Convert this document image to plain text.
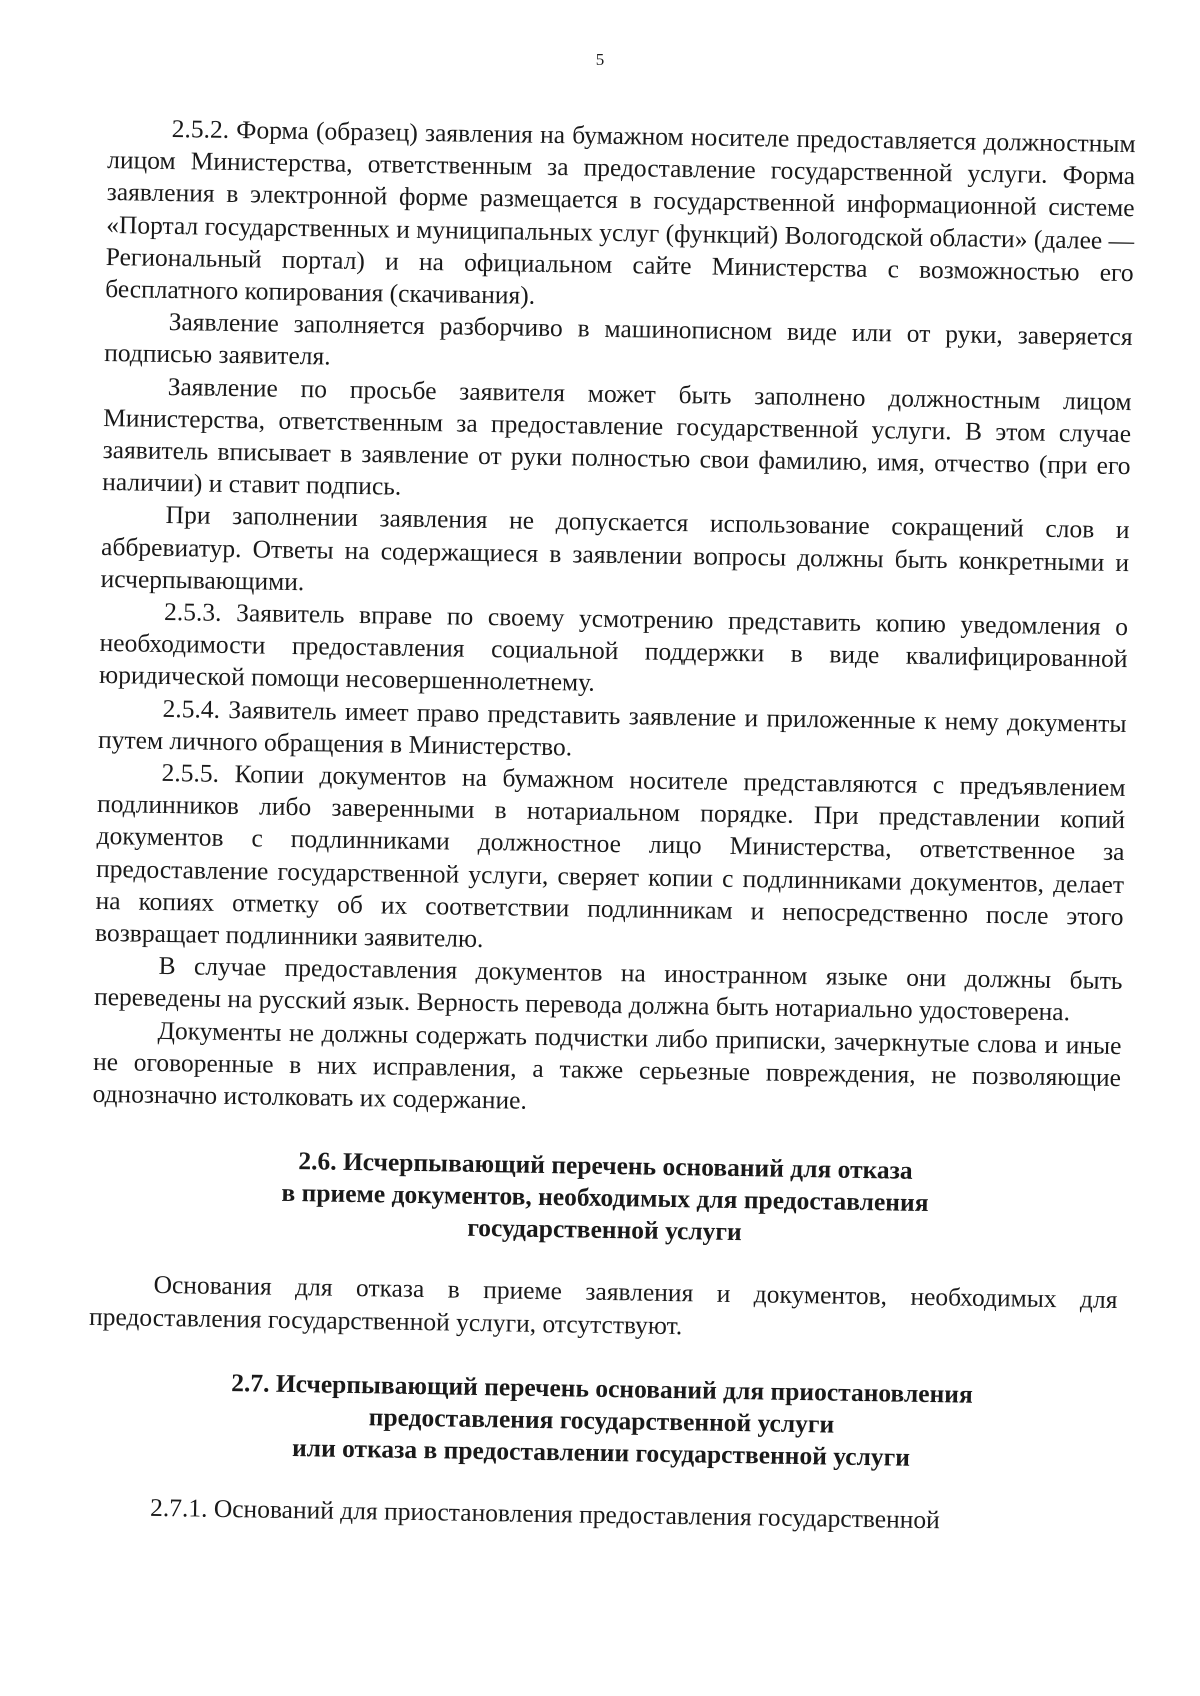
5

2.5.2. Форма (образец) заявления на бумажном носителе предоставляется должностным лицом Министерства, ответственным за предоставление государственной услуги. Форма заявления в электронной форме размещается в государственной информационной системе «Портал государственных и муниципальных услуг (функций) Вологодской области» (далее — Региональный портал) и на официальном сайте Министерства с возможностью его бесплатного копирования (скачивания).

Заявление заполняется разборчиво в машинописном виде или от руки, заверяется подписью заявителя.

Заявление по просьбе заявителя может быть заполнено должностным лицом Министерства, ответственным за предоставление государственной услуги. В этом случае заявитель вписывает в заявление от руки полностью свои фамилию, имя, отчество (при его наличии) и ставит подпись.

При заполнении заявления не допускается использование сокращений слов и аббревиатур. Ответы на содержащиеся в заявлении вопросы должны быть конкретными и исчерпывающими.

2.5.3. Заявитель вправе по своему усмотрению представить копию уведомления о необходимости предоставления социальной поддержки в виде квалифицированной юридической помощи несовершеннолетнему.

2.5.4. Заявитель имеет право представить заявление и приложенные к нему документы путем личного обращения в Министерство.

2.5.5. Копии документов на бумажном носителе представляются с предъявлением подлинников либо заверенными в нотариальном порядке. При представлении копий документов с подлинниками должностное лицо Министерства, ответственное за предоставление государственной услуги, сверяет копии с подлинниками документов, делает на копиях отметку об их соответствии подлинникам и непосредственно после этого возвращает подлинники заявителю.

В случае предоставления документов на иностранном языке они должны быть переведены на русский язык. Верность перевода должна быть нотариально удостоверена.

Документы не должны содержать подчистки либо приписки, зачеркнутые слова и иные не оговоренные в них исправления, а также серьезные повреждения, не позволяющие однозначно истолковать их содержание.

2.6. Исчерпывающий перечень оснований для отказа
в приеме документов, необходимых для предоставления
государственной услуги

Основания для отказа в приеме заявления и документов, необходимых для предоставления государственной услуги, отсутствуют.

2.7. Исчерпывающий перечень оснований для приостановления
предоставления государственной услуги
или отказа в предоставлении государственной услуги

2.7.1. Оснований для приостановления предоставления государственной
